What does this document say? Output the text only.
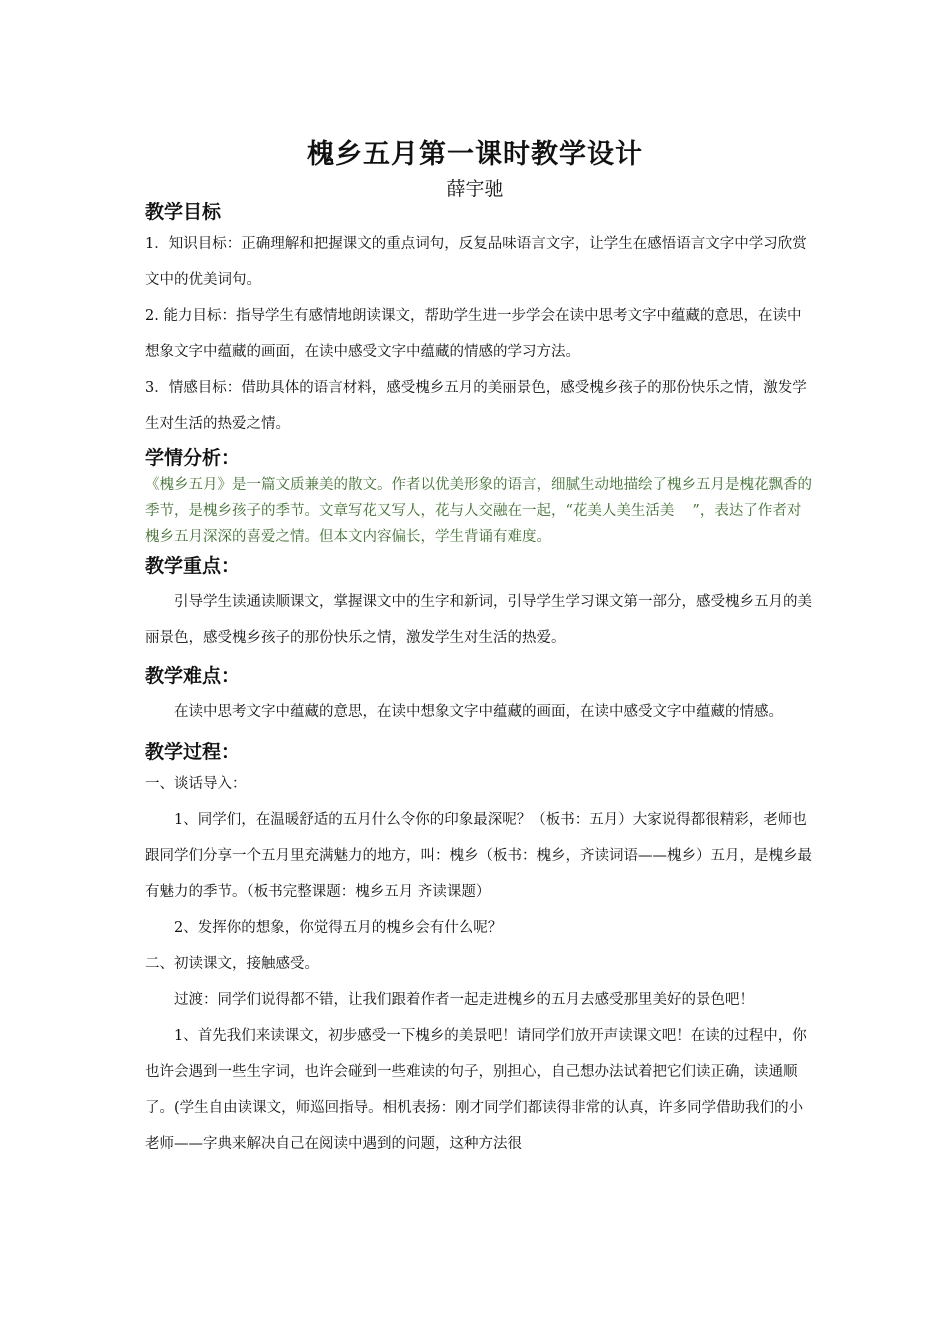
槐乡五月第一课时教学设计
薛宇驰
教学目标

1．知识目标：正确理解和把握课文的重点词句，反复品味语言文字，让学生在感悟语言文字中学习欣赏文中的优美词句。

2. 能力目标：指导学生有感情地朗读课文，帮助学生进一步学会在读中思考文字中蕴藏的意思，在读中想象文字中蕴藏的画面，在读中感受文字中蕴藏的情感的学习方法。

3．情感目标：借助具体的语言材料，感受槐乡五月的美丽景色，感受槐乡孩子的那份快乐之情，激发学生对生活的热爱之情。

学情分析：

《槐乡五月》是一篇文质兼美的散文。作者以优美形象的语言，细腻生动地描绘了槐乡五月是槐花飘香的季节，是槐乡孩子的季节。文章写花又写人，花与人交融在一起，“花美人美生活美 ”，表达了作者对槐乡五月深深的喜爱之情。但本文内容偏长，学生背诵有难度。

教学重点：

引导学生读通读顺课文，掌握课文中的生字和新词，引导学生学习课文第一部分，感受槐乡五月的美丽景色，感受槐乡孩子的那份快乐之情，激发学生对生活的热爱。

教学难点：

在读中思考文字中蕴藏的意思，在读中想象文字中蕴藏的画面，在读中感受文字中蕴藏的情感。

教学过程：

一、谈话导入：

1、同学们，在温暖舒适的五月什么令你的印象最深呢？（板书：五月）大家说得都很精彩，老师也跟同学们分享一个五月里充满魅力的地方，叫：槐乡（板书：槐乡，齐读词语——槐乡）五月，是槐乡最有魅力的季节。（板书完整课题：槐乡五月 齐读课题）

2、发挥你的想象，你觉得五月的槐乡会有什么呢？

二、初读课文，接触感受。

过渡：同学们说得都不错，让我们跟着作者一起走进槐乡的五月去感受那里美好的景色吧！

1、首先我们来读课文，初步感受一下槐乡的美景吧！请同学们放开声读课文吧！在读的过程中，你也许会遇到一些生字词，也许会碰到一些难读的句子，别担心，自己想办法试着把它们读正确，读通顺了。(学生自由读课文，师巡回指导。相机表扬：刚才同学们都读得非常的认真，许多同学借助我们的小老师——字典来解决自己在阅读中遇到的问题，这种方法很
